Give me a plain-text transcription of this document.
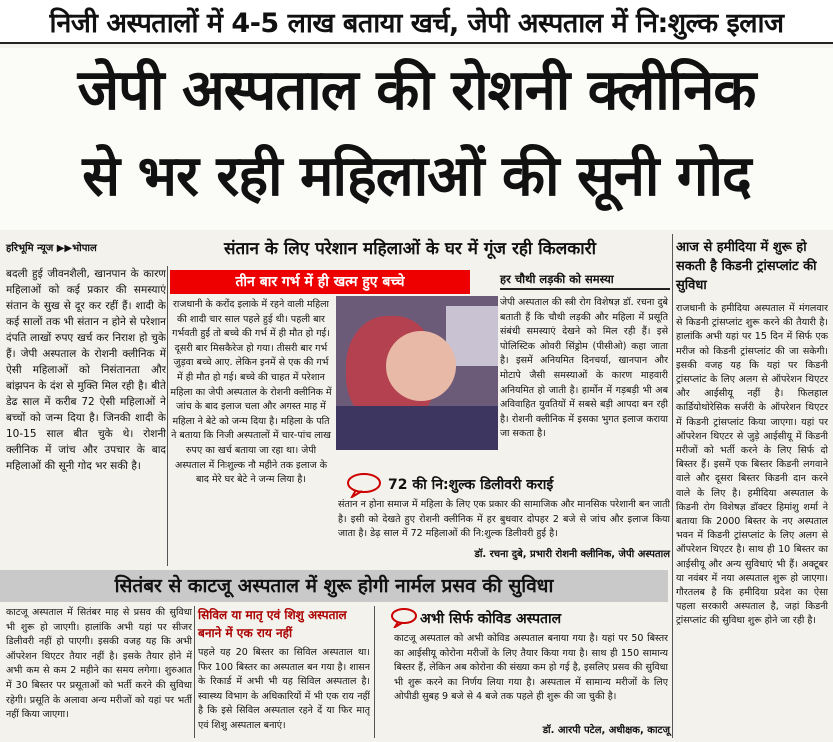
निजी अस्पतालों में 4-5 लाख बताया खर्च, जेपी अस्पताल में नि:शुल्क इलाज
जेपी अस्पताल की रोशनी क्लीनिक
से भर रही महिलाओं की सूनी गोद
हरिभूमि न्यूज ▶▶भोपाल	संतान के लिए परेशान महिलाओं के घर में गूंज रही किलकारी
बदली हुई जीवनशैली, खानपान के कारण महिलाओं को कई प्रकार की समस्याएं संतान के सुख से दूर कर रहीं हैं। शादी के कई सालों तक भी संतान न होने से परेशान दंपति लाखों रुपए खर्च कर निराश हो चुके हैं। जेपी अस्पताल के रोशनी क्लीनिक में ऐसी महिलाओं को निसंतानता और बांझपन के दंश से मुक्ति मिल रही है। बीते डेढ साल में करीब 72 ऐसी महिलाओं ने बच्चों को जन्म दिया है। जिनकी शादी के 10-15 साल बीत चुके थे। रोशनी क्लीनिक में जांच और उपचार के बाद महिलाओं की सूनी गोद भर सकी है।
तीन बार गर्भ में ही खत्म हुए बच्चे
राजधानी के करोंद इलाके में रहने वाली महिला की शादी चार साल पहले हुई थी। पहली बार गर्भवती हुई तो बच्चे की गर्भ में ही मौत हो गई। दूसरी बार मिसकैरेज हो गया। तीसरी बार गर्भ जुड़वा बच्चे आए. लेकिन इनमें से एक की गर्भ में ही मौत हो गई। बच्चे की चाहत में परेशान महिला का जेपी अस्पताल के रोशनी क्लीनिक में जांच के बाद इलाज चला और अगस्त माह में महिला ने बेटे को जन्म दिया है। महिला के पति ने बताया कि निजी अस्पतालों में चार-पांच लाख रुपए का खर्च बताया जा रहा था। जेपी अस्पताल में निःशुल्क नौ महीने तक इलाज के बाद मेरे घर बेटे ने जन्म लिया है।
हर चौथी लड़की को समस्या
जेपी अस्पताल की स्त्री रोग विशेषज्ञ डॉ. रचना दुबे बताती हैं कि चौथी लड़की और महिला में प्रसूति संबंधी समस्याएं देखने को मिल रही हैं। इसे पोलिस्टिक ओवरी सिंड्रोम (पीसीओ) कहा जाता है। इसमें अनियमित दिनचर्या, खानपान और मोटापे जैसी समस्याओं के कारण माहवारी अनियमित हो जाती है। हार्मोन में गड़बड़ी भी अब अविवाहित युवतियों में सबसे बड़ी आपदा बन रही है। रोशनी क्लीनिक में इसका भुगत इलाज कराया जा सकता है।
आज से हमीदिया में शुरू हो सकती है किडनी ट्रांसप्लांट की सुविधा
राजधानी के हमीदिया अस्पताल में मंगलवार से किडनी ट्रांसप्लांट शुरू करने की तैयारी है। हालांकि अभी यहां पर 15 दिन में सिर्फ एक मरीज को किडनी ट्रांसप्लांट की जा सकेगी। इसकी वजह यह कि यहां पर किडनी ट्रांसप्लांट के लिए अलग से ऑपरेशन थिएटर और आईसीयू नहीं है। फिलहाल कार्डियोथोरेसिक सर्जरी के ऑपरेशन थिएटर में किडनी ट्रांसप्लांट किया जाएगा। यहां पर ऑपरेशन थिएटर से जुड़े आईसीयू में किडनी मरीजों को भर्ती करने के लिए सिर्फ दो बिस्तर हैं। इसमें एक बिस्तर किडनी लगवाने वाले और दूसरा बिस्तर किडनी दान करने वाले के लिए है। हमीदिया अस्पताल के किडनी रोग विशेषज्ञ डॉक्टर हिमांशु शर्मा ने बताया कि 2000 बिस्तर के नए अस्पताल भवन में किडनी ट्रांसप्लांट के लिए अलग से ऑपरेशन थिएटर है। साथ ही 10 बिस्तर का आईसीयू और अन्य सुविधाएं भी हैं। अक्टूबर या नवंबर में नया अस्पताल शुरू हो जाएगा। गौरतलब है कि हमीदिया प्रदेश का ऐसा पहला सरकारी अस्पताल है, जहां किडनी ट्रांसप्लांट की सुविधा शुरू होने जा रही है।
72 की नि:शुल्क डिलीवरी कराई
संतान न होना समाज में महिला के लिए एक प्रकार की सामाजिक और मानसिक परेशानी बन जाती है। इसी को देखते हुए रोशनी क्लीनिक में हर बुधवार दोपहर 2 बजे से जांच और इलाज किया जाता है। डेढ़ साल में 72 महिलाओं की नि:शुल्क डिलीवरी हुई है।
डॉ. रचना दुबे, प्रभारी रोशनी क्लीनिक, जेपी अस्पताल
सितंबर से काटजू अस्पताल में शुरू होगी नार्मल प्रसव की सुविधा
काटजू अस्पताल में सितंबर माह से प्रसव की सुविधा भी शुरू हो जाएगी। हालांकि अभी यहां पर सीजर डिलीवरी नहीं हो पाएगी। इसकी वजह यह कि अभी ऑपरेशन थिएटर तैयार नहीं है। इसके तैयार होने में अभी कम से कम 2 महीने का समय लगेगा। शुरुआत में 30 बिस्तर पर प्रसूताओं को भर्ती करने की सुविधा रहेगी। प्रसूति के अलावा अन्य मरीजों को यहां पर भर्ती नहीं किया जाएगा।
सिविल या मातृ एवं शिशु अस्पताल बनाने में एक राय नहीं
पहले यह 20 बिस्तर का सिविल अस्पताल था। फिर 100 बिस्तर का अस्पताल बन गया है। शासन के रिकार्ड में अभी भी यह सिविल अस्पताल है। स्वास्थ्य विभाग के अधिकारियों में भी एक राय नहीं है कि इसे सिविल अस्पताल रहने दें या फिर मातृ एवं शिशु अस्पताल बनाएं।
अभी सिर्फ कोविड अस्पताल
काटजू अस्पताल को अभी कोविड अस्पताल बनाया गया है। यहां पर 50 बिस्तर का आईसीयू कोरोना मरीजों के लिए तैयार किया गया है। साथ ही 150 सामान्य बिस्तर हैं, लेकिन अब कोरोना की संख्या कम हो गई है, इसलिए प्रसव की सुविधा भी शुरू करने का निर्णय लिया गया है। अस्पताल में सामान्य मरीजों के लिए ओपीडी सुबह 9 बजे से 4 बजे तक पहले ही शुरू की जा चुकी है।
डॉ. आरपी पटेल, अधीक्षक, काटजू
